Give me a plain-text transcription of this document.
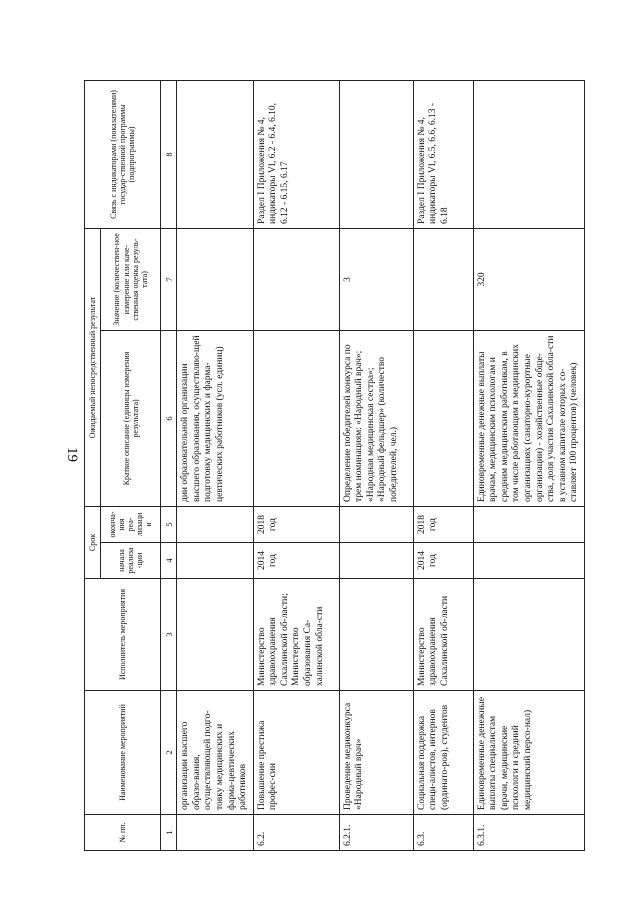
19
№ пп.	Наименование мероприятий	Исполнитель мероприятия	Срок		Ожидаемый непосредственный результат		Связь с индикаторами (показателями) государ-ственной программы (подпрограммы)
			начала реализа-ции	оконча-ния реа-лизации	Краткое описание (единицы измерения результата)	Значение (количествен-ное измерение или каче-ственная оценка резуль-тата)	

1	2	3	4	5	6	7	8
	организации высшего образо-вания, осуществляющей подго-товку медицинских и фарма-цевтических работников				дии образовательной организации высшего образования, осуществляю-щей подготовку медицинских и фарма-цевтических работников (усл. единиц)		
6.2.	Повышение престижа профес-сии	Министерство здравоохранения Сахалинской об-ласти; Министерство образования Са-халинской обла-сти	2014 год	2018 год			Раздел I Приложения № 4, индикаторы VI, 6.2 - 6.4, 6.10, 6.12 - 6.15, 6.17
6.2.1.	Проведение медиконкурса «Народный врач»				Определение победителей конкурса по трем номинациям: «Народный врач»; «Народная медицинская сестра»; «Народный фельдшер» (количество победителей, чел.)	3	
6.3.	Социальная поддержка специ-алистов, интернов (ординато-ров), студентов	Министерство здравоохранения Сахалинской об-ласти	2014 год	2018 год			Раздел I Приложения № 4, индикаторы VI, 6.5, 6.6, 6.13 - 6.18
6.3.1.	Единовременные денежные выплаты специалистам (врачи, медицинские психологи и средний медицинский персо-нал)				Единовременные денежные выплаты врачам, медицинским психологам и средним медицинским работникам, в том числе работающим в медицинских организациях (санаторно-курортные организации) - хозяйственные обще-ства, доля участия Сахалинской обла-сти в уставном капитале которых со-ставляет 100 процентов) (человек)	320	
